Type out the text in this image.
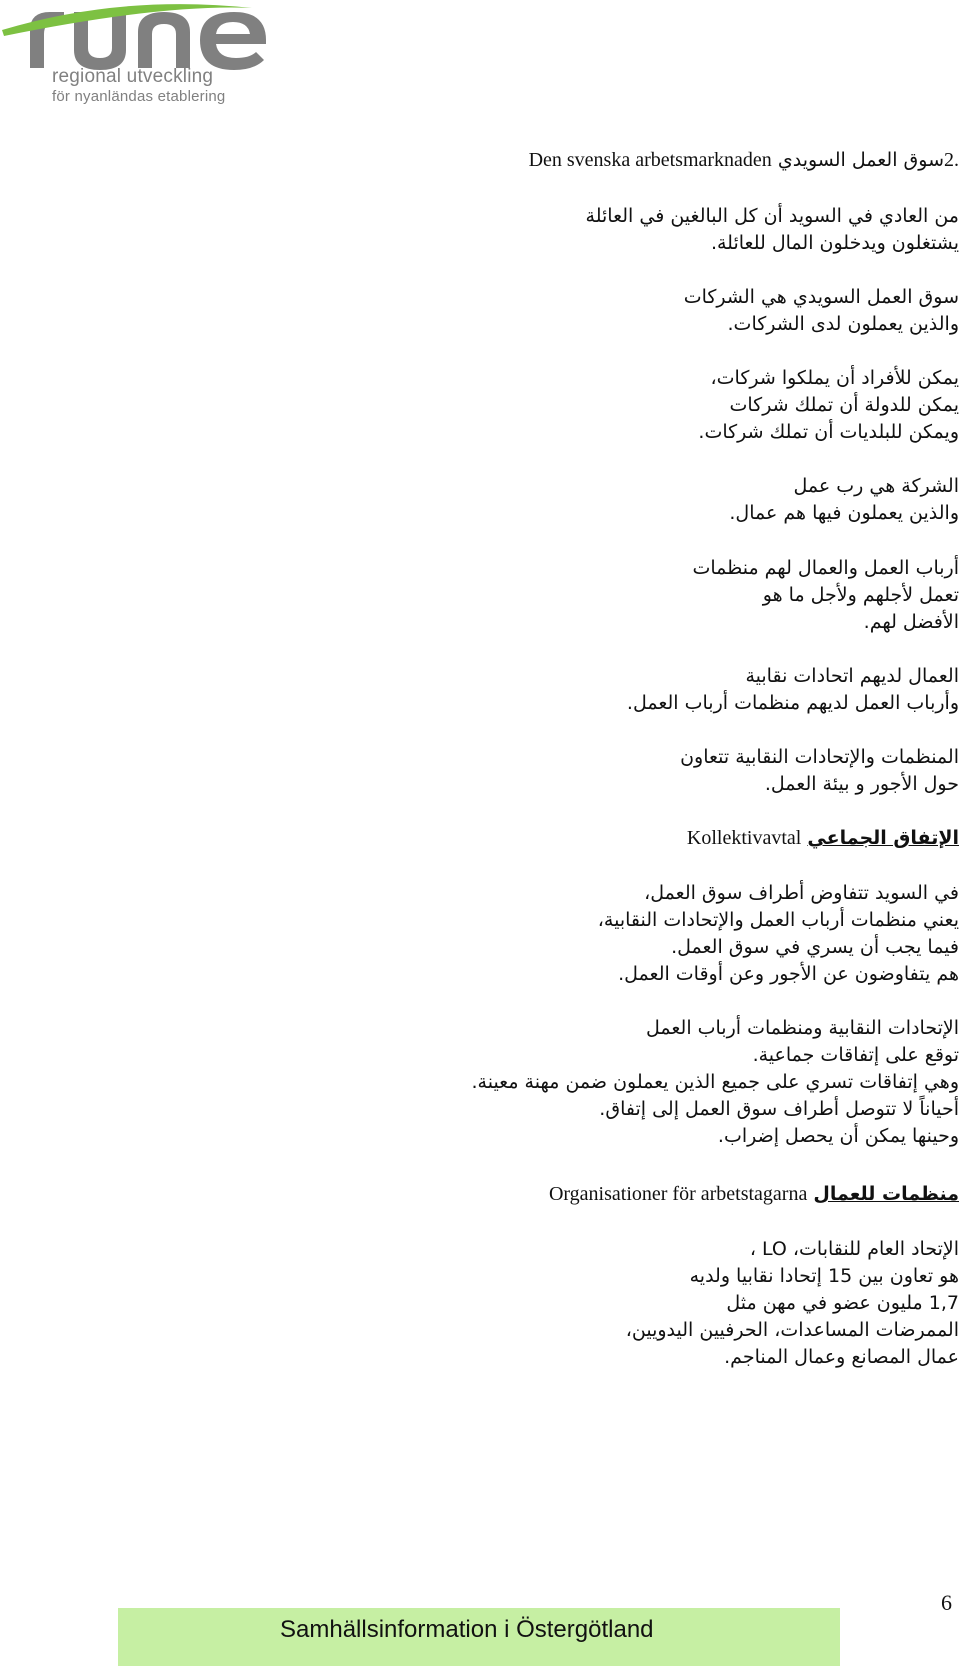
regional utveckling
för nyanländas etablering
.2سوق العمل السويدي Den svenska arbetsmarknaden
من العادي في السويد أن كل البالغين في العائلة
يشتغلون ويدخلون المال للعائلة.
سوق العمل السويدي هي الشركات
والذين يعملون لدى الشركات.
يمكن للأفراد أن يملكوا شركات،
يمكن للدولة أن تملك شركات
ويمكن للبلديات أن تملك شركات.
الشركة هي رب عمل
والذين يعملون فيها هم عمال.
أرباب العمل والعمال لهم منظمات
تعمل لأجلهم ولأجل ما هو
الأفضل لهم.
العمال لديهم اتحادات نقابية
وأرباب العمل لديهم منظمات أرباب العمل.
المنظمات والإتحادات النقابية تتعاون
حول الأجور و بيئة العمل.
الإتفاق الجماعي Kollektivavtal
في السويد تتفاوض أطراف سوق العمل،
يعني منظمات أرباب العمل والإتحادات النقابية،
فيما يجب أن يسري في سوق العمل.
هم يتفاوضون عن الأجور وعن أوقات العمل.
الإتحادات النقابية ومنظمات أرباب العمل
توقع على إتفاقات جماعية.
وهي إتفاقات تسري على جميع الذين يعملون ضمن مهنة معينة.
أحياناً لا تتوصل أطراف سوق العمل إلى إتفاق.
وحينها يمكن أن يحصل إضراب.
منظمات للعمال Organisationer för arbetstagarna
الإتحاد العام للنقابات، LO ،
هو تعاون بين 15 إتحادا نقابيا ولديه
1,7 مليون عضو في مهن مثل
الممرضات المساعدات، الحرفيين اليدويين،
عمال المصانع وعمال المناجم.
Samhällsinformation i Östergötland
6
